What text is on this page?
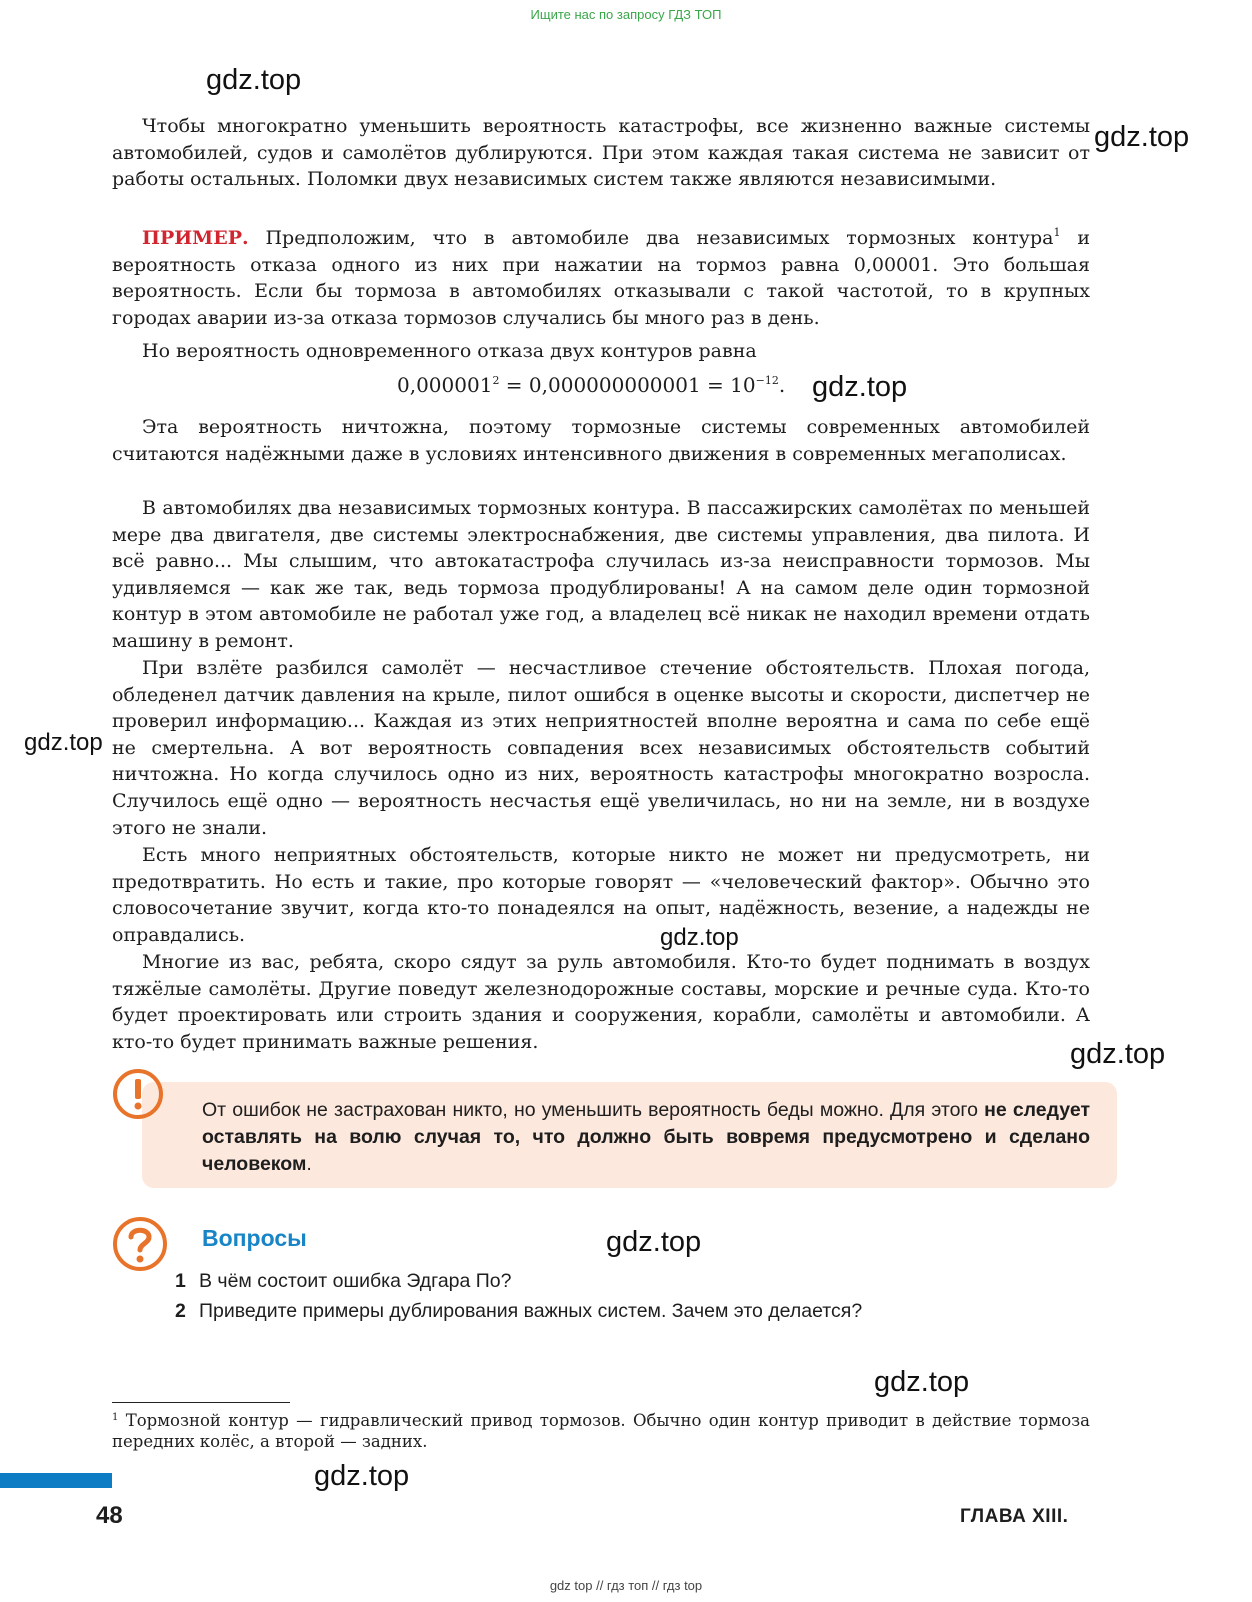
Ищите нас по запросу ГДЗ ТОП
gdz.top
gdz.top
gdz.top
gdz.top
gdz.top
gdz.top
gdz.top
gdz.top
gdz.top

Чтобы многократно уменьшить вероятность катастрофы, все жизненно важные системы автомобилей, судов и самолётов дублируются. При этом каждая такая система не зависит от работы остальных. Поломки двух независимых систем также являются независимыми.

ПРИМЕР. Предположим, что в автомобиле два независимых тормозных контура$^1$ и вероятность отказа одного из них при нажатии на тормоз равна 0,00001. Это большая вероятность. Если бы тормоза в автомобилях отказывали с такой частотой, то в крупных городах аварии из-за отказа тормозов случались бы много раз в день.

Но вероятность одновременного отказа двух контуров равна

$0,000001^2 = 0,000000000001 = 10^{-12}$.

Эта вероятность ничтожна, поэтому тормозные системы современных автомобилей считаются надёжными даже в условиях интенсивного движения в современных мегаполисах.

В автомобилях два независимых тормозных контура. В пассажирских самолётах по меньшей мере два двигателя, две системы электроснабжения, две системы управления, два пилота. И всё равно... Мы слышим, что автокатастрофа случилась из-за неисправности тормозов. Мы удивляемся — как же так, ведь тормоза продублированы! А на самом деле один тормозной контур в этом автомобиле не работал уже год, а владелец всё никак не находил времени отдать машину в ремонт.

При взлёте разбился самолёт — несчастливое стечение обстоятельств. Плохая погода, обледенел датчик давления на крыле, пилот ошибся в оценке высоты и скорости, диспетчер не проверил информацию... Каждая из этих неприятностей вполне вероятна и сама по себе ещё не смертельна. А вот вероятность совпадения всех независимых обстоятельств событий ничтожна. Но когда случилось одно из них, вероятность катастрофы многократно возросла. Случилось ещё одно — вероятность несчастья ещё увеличилась, но ни на земле, ни в воздухе этого не знали.

Есть много неприятных обстоятельств, которые никто не может ни предусмотреть, ни предотвратить. Но есть и такие, про которые говорят — «человеческий фактор». Обычно это словосочетание звучит, когда кто-то понадеялся на опыт, надёжность, везение, а надежды не оправдались.

Многие из вас, ребята, скоро сядут за руль автомобиля. Кто-то будет поднимать в воздух тяжёлые самолёты. Другие поведут железнодорожные составы, морские и речные суда. Кто-то будет проектировать или строить здания и сооружения, корабли, самолёты и автомобили. А кто-то будет принимать важные решения.

От ошибок не застрахован никто, но уменьшить вероятность беды можно. Для этого не следует оставлять на волю случая то, что должно быть вовремя предусмотрено и сделано человеком.
Вопросы
1 В чём состоит ошибка Эдгара По?
2 Приведите примеры дублирования важных систем. Зачем это делается?
$^1$ Тормозной контур — гидравлический привод тормозов. Обычно один контур приводит в действие тормоза передних колёс, а второй — задних.
48	ГЛАВА XIII.
gdz top // гдз топ // гдз top
